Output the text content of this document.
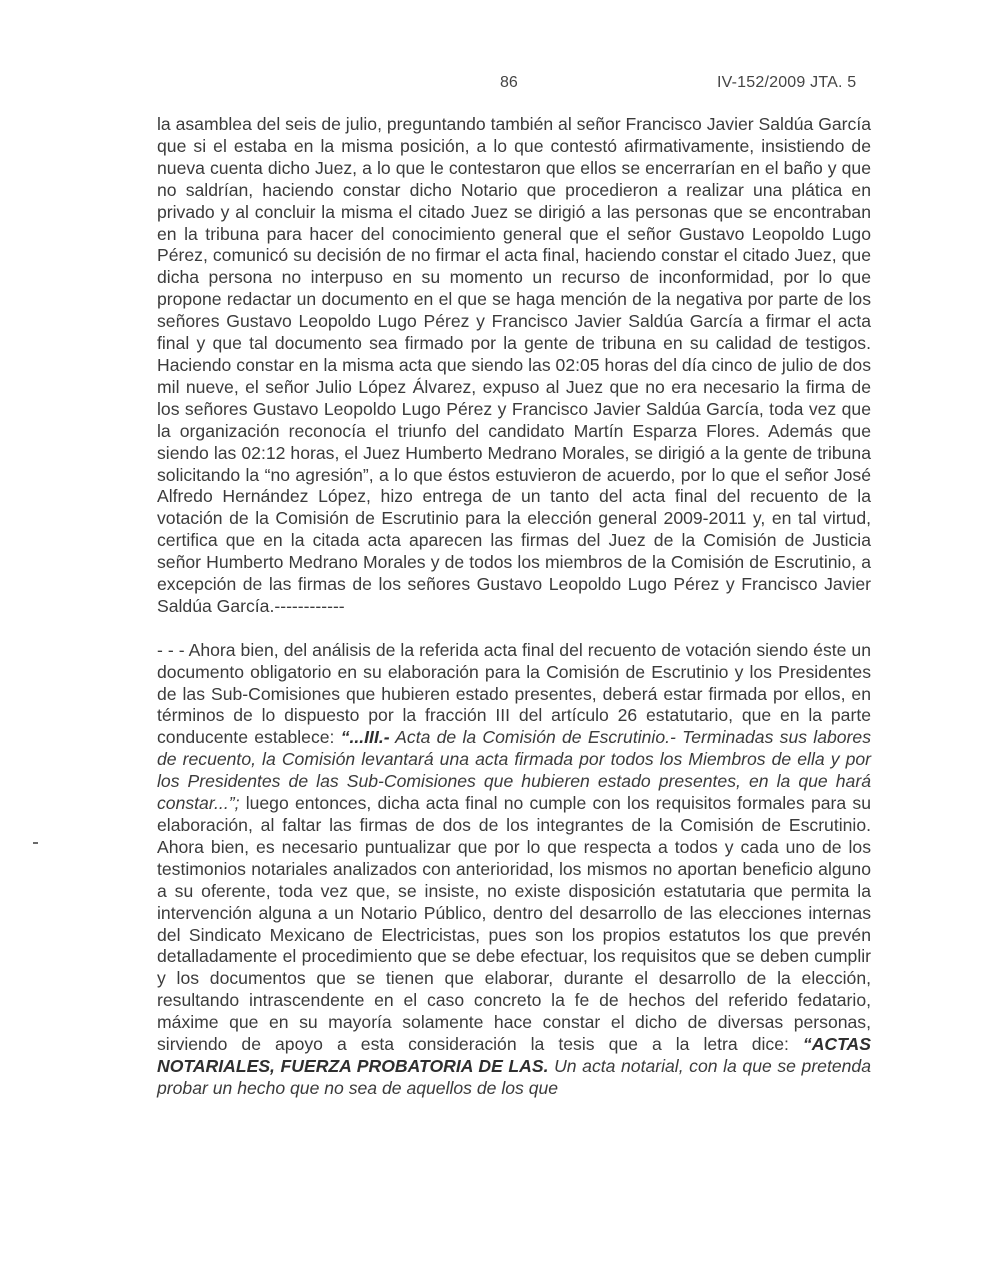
86	IV-152/2009 JTA. 5

la asamblea del seis de julio, preguntando también al señor Francisco Javier Saldúa García que si el estaba en la misma posición, a lo que contestó afirmativamente, insistiendo de nueva cuenta dicho Juez, a lo que le contestaron que ellos se encerrarían en el baño y que no saldrían, haciendo constar dicho Notario que procedieron a realizar una plática en privado y al concluir la misma el citado Juez se dirigió a las personas que se encontraban en la tribuna para hacer del conocimiento general que el señor Gustavo Leopoldo Lugo Pérez, comunicó su decisión de no firmar el acta final, haciendo constar el citado Juez, que dicha persona no interpuso en su momento un recurso de inconformidad, por lo que propone redactar un documento en el que se haga mención de la negativa por parte de los señores Gustavo Leopoldo Lugo Pérez y Francisco Javier Saldúa García a firmar el acta final y que tal documento sea firmado por la gente de tribuna en su calidad de testigos. Haciendo constar en la misma acta que siendo las 02:05 horas del día cinco de julio de dos mil nueve, el señor Julio López Álvarez, expuso al Juez que no era necesario la firma de los señores Gustavo Leopoldo Lugo Pérez y Francisco Javier Saldúa García, toda vez que la organización reconocía el triunfo del candidato Martín Esparza Flores. Además que siendo las 02:12 horas, el Juez Humberto Medrano Morales, se dirigió a la gente de tribuna solicitando la “no agresión”, a lo que éstos estuvieron de acuerdo, por lo que el señor José Alfredo Hernández López, hizo entrega de un tanto del acta final del recuento de la votación de la Comisión de Escrutinio para la elección general 2009-2011 y, en tal virtud, certifica que en la citada acta aparecen las firmas del Juez de la Comisión de Justicia señor Humberto Medrano Morales y de todos los miembros de la Comisión de Escrutinio, a excepción de las firmas de los señores Gustavo Leopoldo Lugo Pérez y Francisco Javier Saldúa García.------------

- - - Ahora bien, del análisis de la referida acta final del recuento de votación siendo éste un documento obligatorio en su elaboración para la Comisión de Escrutinio y los Presidentes de las Sub-Comisiones que hubieren estado presentes, deberá estar firmada por ellos, en términos de lo dispuesto por la fracción III del artículo 26 estatutario, que en la parte conducente establece: “...III.- Acta de la Comisión de Escrutinio.- Terminadas sus labores de recuento, la Comisión levantará una acta firmada por todos los Miembros de ella y por los Presidentes de las Sub-Comisiones que hubieren estado presentes, en la que hará constar...”; luego entonces, dicha acta final no cumple con los requisitos formales para su elaboración, al faltar las firmas de dos de los integrantes de la Comisión de Escrutinio. Ahora bien, es necesario puntualizar que por lo que respecta a todos y cada uno de los testimonios notariales analizados con anterioridad, los mismos no aportan beneficio alguno a su oferente, toda vez que, se insiste, no existe disposición estatutaria que permita la intervención alguna a un Notario Público, dentro del desarrollo de las elecciones internas del Sindicato Mexicano de Electricistas, pues son los propios estatutos los que prevén detalladamente el procedimiento que se debe efectuar, los requisitos que se deben cumplir y los documentos que se tienen que elaborar, durante el desarrollo de la elección, resultando intrascendente en el caso concreto la fe de hechos del referido fedatario, máxime que en su mayoría solamente hace constar el dicho de diversas personas, sirviendo de apoyo a esta consideración la tesis que a la letra dice: “ACTAS NOTARIALES, FUERZA PROBATORIA DE LAS. Un acta notarial, con la que se pretenda probar un hecho que no sea de aquellos de los que
